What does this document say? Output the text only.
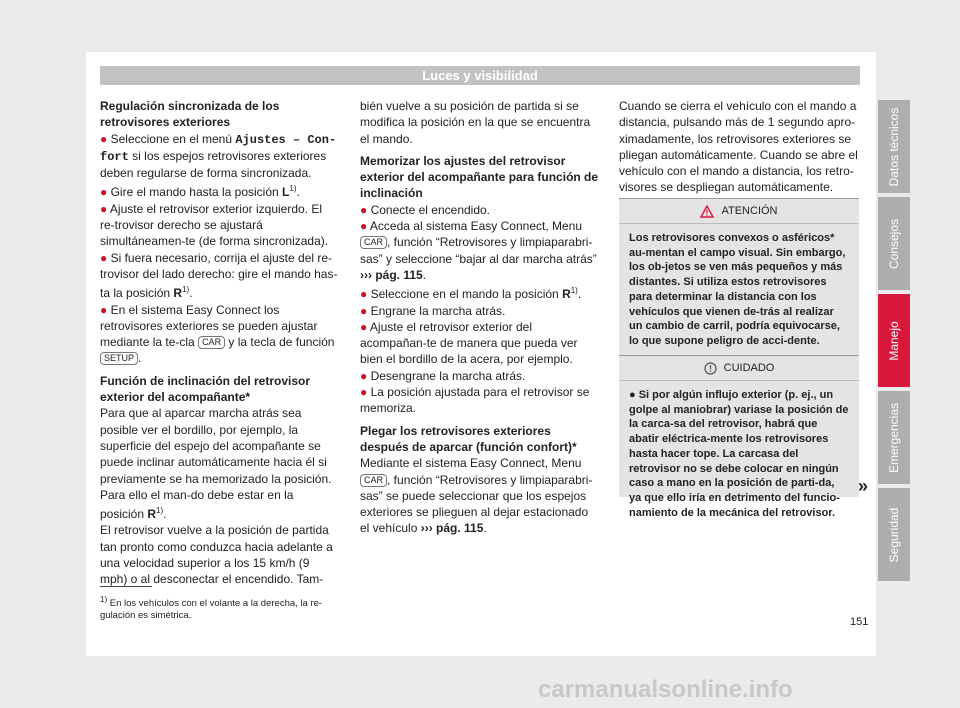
Luces y visibilidad
Regulación sincronizada de los retrovisores exteriores
● Seleccione en el menú Ajustes – Con-fort si los espejos retrovisores exteriores deben regularse de forma sincronizada.
● Gire el mando hasta la posición $L^{1)}$.
● Ajuste el retrovisor exterior izquierdo. El re-trovisor derecho se ajustará simultáneamen-te (de forma sincronizada).
● Si fuera necesario, corrija el ajuste del re-trovisor del lado derecho: gire el mando has-ta la posición $R^{1)}$.
● En el sistema Easy Connect los retrovisores exteriores se pueden ajustar mediante la te-cla CAR y la tecla de función SETUP .
Función de inclinación del retrovisor exterior del acompañante*
Para que al aparcar marcha atrás sea posible ver el bordillo, por ejemplo, la superficie del espejo del acompañante se puede inclinar automáticamente hacia él si previamente se ha memorizado la posición. Para ello el man-do debe estar en la posición $R^{1)}$.
El retrovisor vuelve a la posición de partida tan pronto como conduzca hacia adelante a una velocidad superior a los 15 km/h (9 mph) o al desconectar el encendido. Tam-
bién vuelve a su posición de partida si se modifica la posición en la que se encuentra el mando.
Memorizar los ajustes del retrovisor exterior del acompañante para función de inclinación
● Conecte el encendido.
● Acceda al sistema Easy Connect, Menu CAR , función “Retrovisores y limpiaparabri-sas” y seleccione “bajar al dar marcha atrás” ››› pág. 115.
● Seleccione en el mando la posición $R^{1)}$.
● Engrane la marcha atrás.
● Ajuste el retrovisor exterior del acompañan-te de manera que pueda ver bien el bordillo de la acera, por ejemplo.
● Desengrane la marcha atrás.
● La posición ajustada para el retrovisor se memoriza.
Plegar los retrovisores exteriores después de aparcar (función confort)*
Mediante el sistema Easy Connect, Menu CAR , función “Retrovisores y limpiaparabri-sas” se puede seleccionar que los espejos exteriores se plieguen al dejar estacionado el vehículo ››› pág. 115.
Cuando se cierra el vehículo con el mando a distancia, pulsando más de 1 segundo apro-ximadamente, los retrovisores exteriores se pliegan automáticamente. Cuando se abre el vehículo con el mando a distancia, los retro-visores se despliegan automáticamente.
ATENCIÓN
Los retrovisores convexos o asféricos* au-mentan el campo visual. Sin embargo, los ob-jetos se ven más pequeños y más distantes. Si utiliza estos retrovisores para determinar la distancia con los vehículos que vienen de-trás al realizar un cambio de carril, podría equivocarse, lo que supone peligro de acci-dente.
CUIDADO
● Si por algún influjo exterior (p. ej., un golpe al maniobrar) variase la posición de la carca-sa del retrovisor, habrá que abatir eléctrica-mente los retrovisores hasta hacer tope. La carcasa del retrovisor no se debe colocar en ningún caso a mano en la posición de parti-da, ya que ello iría en detrimento del funcio-namiento de la mecánica del retrovisor.
»
Datos técnicos
Consejos
Manejo
Emergencias
Seguridad
$^{1)}$ En los vehículos con el volante a la derecha, la re-gulación es simétrica.
151
carmanualsonline.info
